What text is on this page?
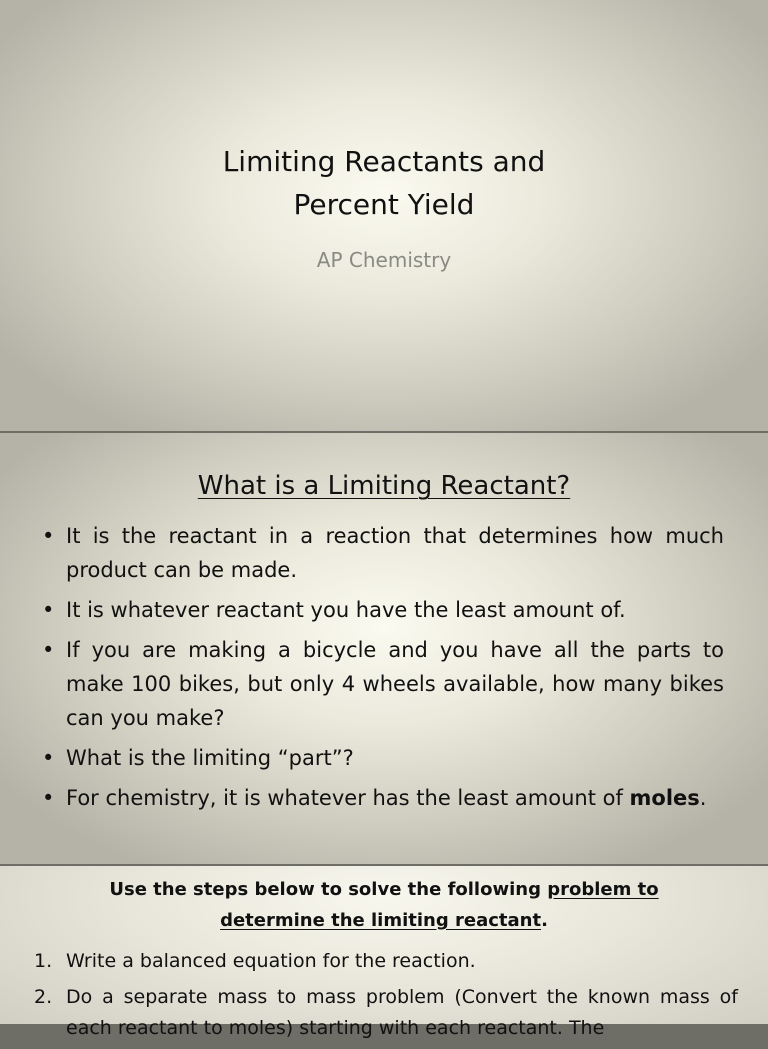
Limiting Reactants and
Percent Yield
AP Chemistry
What is a Limiting Reactant?
• It is the reactant in a reaction that determines how much product can be made.
• It is whatever reactant you have the least amount of.
• If you are making a bicycle and you have all the parts to make 100 bikes, but only 4 wheels available, how many bikes can you make?
• What is the limiting “part”?
• For chemistry, it is whatever has the least amount of moles.
Use the steps below to solve the following problem to
determine the limiting reactant.
1. Write a balanced equation for the reaction.
2. Do a separate mass to mass problem (Convert the known mass of each reactant to moles) starting with each reactant. The
